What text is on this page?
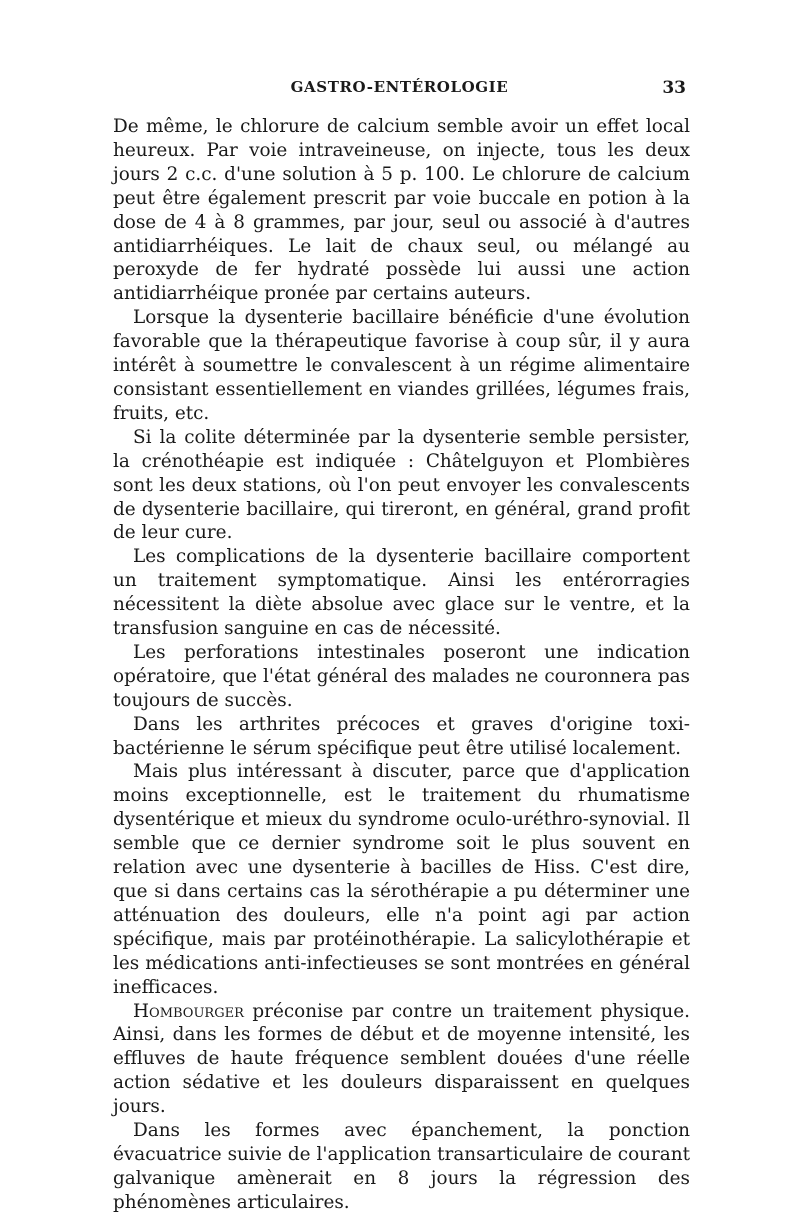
GASTRO-ENTÉROLOGIE	33

De même, le chlorure de calcium semble avoir un effet local heureux. Par voie intraveineuse, on injecte, tous les deux jours 2 c.c. d'une solution à 5 p. 100. Le chlorure de calcium peut être également prescrit par voie buccale en potion à la dose de 4 à 8 grammes, par jour, seul ou associé à d'autres antidiarrhéiques. Le lait de chaux seul, ou mélangé au peroxyde de fer hydraté possède lui aussi une action antidiarrhéique pronée par certains auteurs.

Lorsque la dysenterie bacillaire bénéficie d'une évolution favorable que la thérapeutique favorise à coup sûr, il y aura intérêt à soumettre le convalescent à un régime alimentaire consistant essentiellement en viandes grillées, légumes frais, fruits, etc.

Si la colite déterminée par la dysenterie semble persister, la crénothéapie est indiquée : Châtelguyon et Plombières sont les deux stations, où l'on peut envoyer les convalescents de dysenterie bacillaire, qui tireront, en général, grand profit de leur cure.

Les complications de la dysenterie bacillaire comportent un traitement symptomatique. Ainsi les entérorragies nécessitent la diète absolue avec glace sur le ventre, et la transfusion sanguine en cas de nécessité.

Les perforations intestinales poseront une indication opératoire, que l'état général des malades ne couronnera pas toujours de succès.

Dans les arthrites précoces et graves d'origine toxi-bactérienne le sérum spécifique peut être utilisé localement.

Mais plus intéressant à discuter, parce que d'application moins exceptionnelle, est le traitement du rhumatisme dysentérique et mieux du syndrome oculo-uréthro-synovial. Il semble que ce dernier syndrome soit le plus souvent en relation avec une dysenterie à bacilles de Hiss. C'est dire, que si dans certains cas la sérothérapie a pu déterminer une atténuation des douleurs, elle n'a point agi par action spécifique, mais par protéinothérapie. La salicylothérapie et les médications anti-infectieuses se sont montrées en général inefficaces.

Hombourger préconise par contre un traitement physique. Ainsi, dans les formes de début et de moyenne intensité, les effluves de haute fréquence semblent douées d'une réelle action sédative et les douleurs disparaissent en quelques jours.

Dans les formes avec épanchement, la ponction évacuatrice suivie de l'application transarticulaire de courant galvanique amènerait en 8 jours la régression des phénomènes articulaires.
